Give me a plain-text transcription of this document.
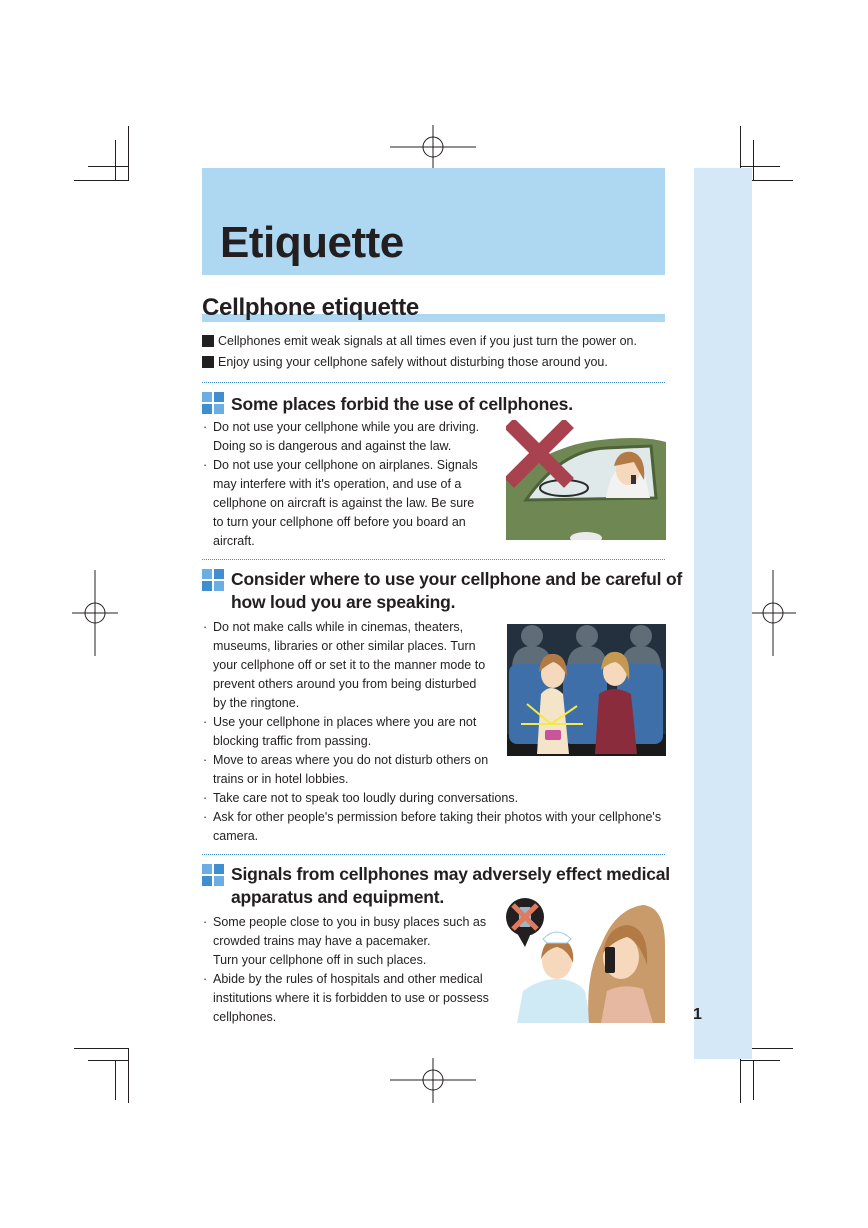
1
Etiquette
Cellphone etiquette
Cellphones emit weak signals at all times even if you just turn the power on.
Enjoy using your cellphone safely without disturbing those around you.
Some places forbid the use of cellphones.
· Do not use your cellphone while you are driving.
Doing so is dangerous and against the law.
· Do not use your cellphone on airplanes. Signals
may interfere with it's operation, and use of a
cellphone on aircraft is against the law. Be sure
to turn your cellphone off before you board an
aircraft.
Consider where to use your cellphone and be careful of
how loud you are speaking.
· Do not make calls while in cinemas, theaters,
museums, libraries or other similar places. Turn
your cellphone off or set it to the manner mode to
prevent others around you from being disturbed
by the ringtone.
· Use your cellphone in places where you are not
blocking traffic from passing.
· Move to areas where you do not disturb others on
trains or in hotel lobbies.
· Take care not to speak too loudly during conversations.
· Ask for other people's permission before taking their photos with your cellphone's
camera.
Signals from cellphones may adversely effect medical
apparatus and equipment.
· Some people close to you in busy places such as
crowded trains may have a pacemaker.
Turn your cellphone off in such places.
· Abide by the rules of hospitals and other medical
institutions where it is forbidden to use or possess
cellphones.
